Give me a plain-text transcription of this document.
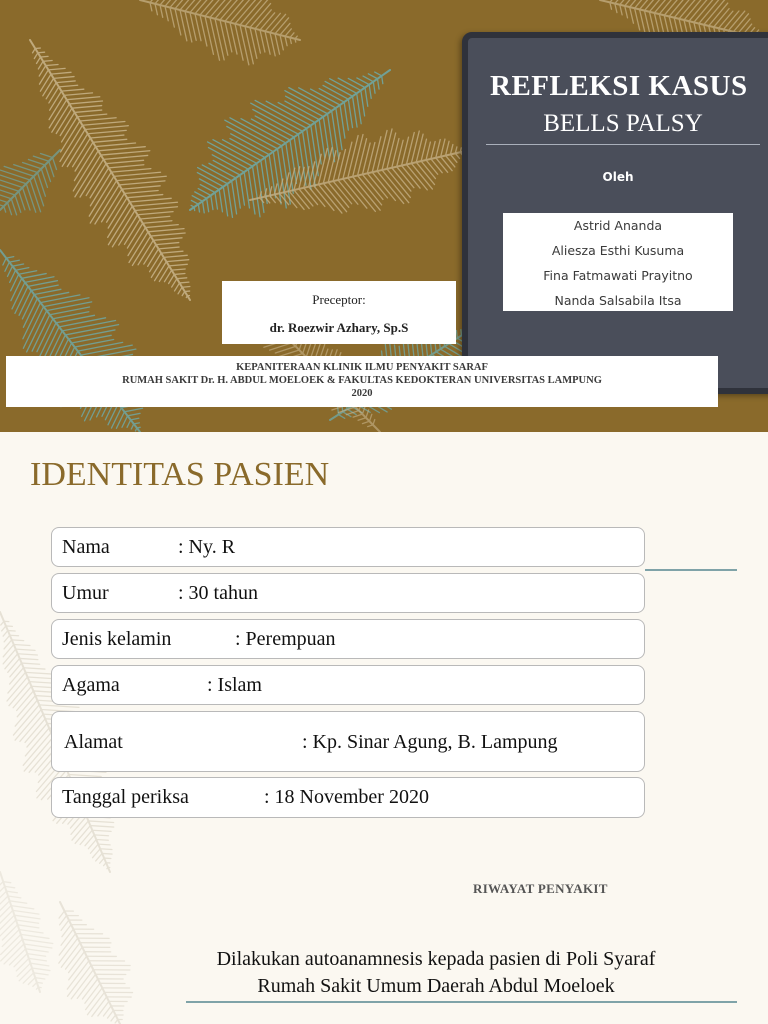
REFLEKSI KASUS
BELLS PALSY
Oleh
Astrid Ananda
Aliesza Esthi Kusuma
Fina Fatmawati Prayitno
Nanda Salsabila Itsa
Preceptor:
dr. Roezwir Azhary, Sp.S
KEPANITERAAN KLINIK ILMU PENYAKIT SARAF
RUMAH SAKIT Dr. H. ABDUL MOELOEK & FAKULTAS KEDOKTERAN UNIVERSITAS LAMPUNG
2020
IDENTITAS PASIEN
Nama	: Ny. R
Umur	: 30 tahun
Jenis kelamin	: Perempuan
Agama	: Islam
Alamat	: Kp. Sinar Agung, B. Lampung
Tanggal periksa	: 18 November 2020
RIWAYAT PENYAKIT
Dilakukan autoanamnesis kepada pasien di Poli Syaraf
Rumah Sakit Umum Daerah Abdul Moeloek
